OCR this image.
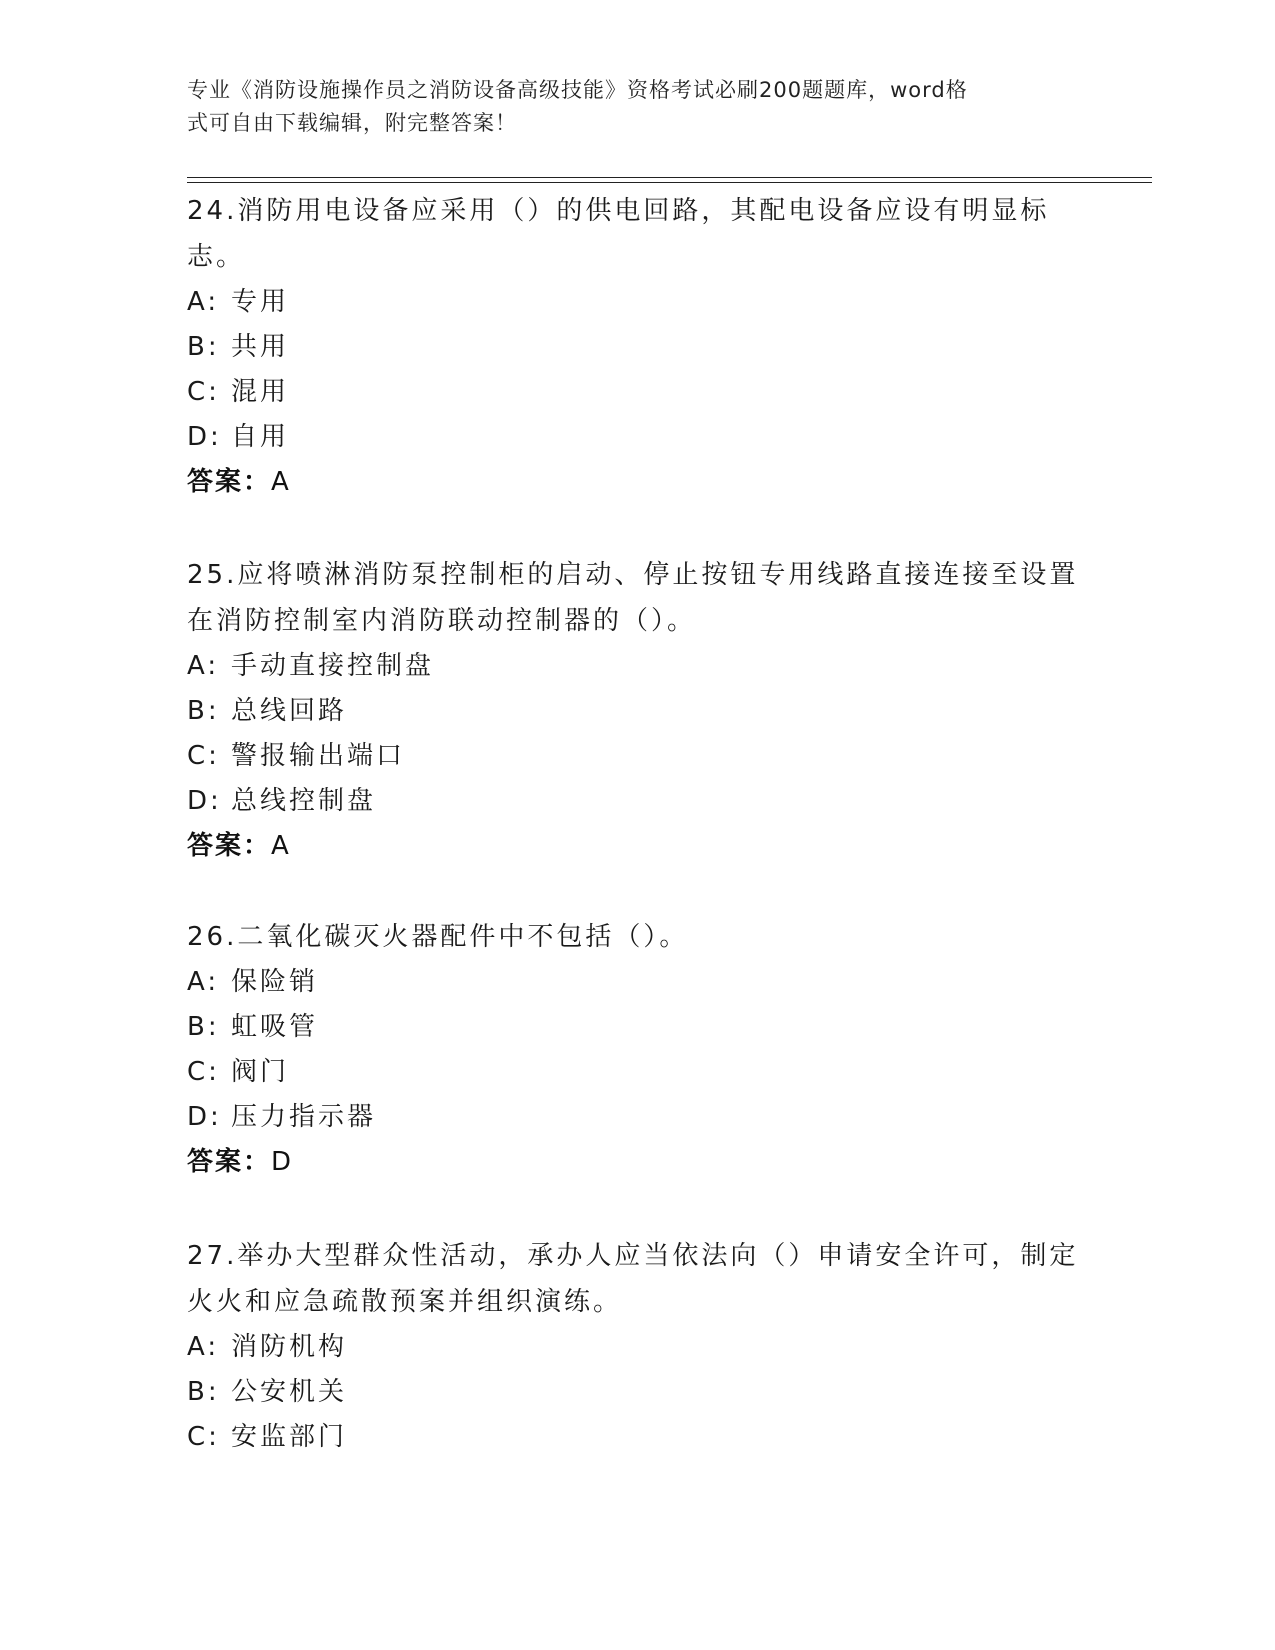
专业《消防设施操作员之消防设备高级技能》资格考试必刷200题题库，word格
式可自由下载编辑，附完整答案！

24.消防用电设备应采用（）的供电回路，其配电设备应设有明显标志。

A: 专用

B: 共用

C: 混用

D: 自用

答案：A

25.应将喷淋消防泵控制柜的启动、停止按钮专用线路直接连接至设置在消防控制室内消防联动控制器的（）。

A: 手动直接控制盘

B: 总线回路

C: 警报输出端口

D: 总线控制盘

答案：A

26.二氧化碳灭火器配件中不包括（）。

A: 保险销

B: 虹吸管

C: 阀门

D: 压力指示器

答案：D

27.举办大型群众性活动，承办人应当依法向（）申请安全许可，制定火火和应急疏散预案并组织演练。

A: 消防机构

B: 公安机关

C: 安监部门
